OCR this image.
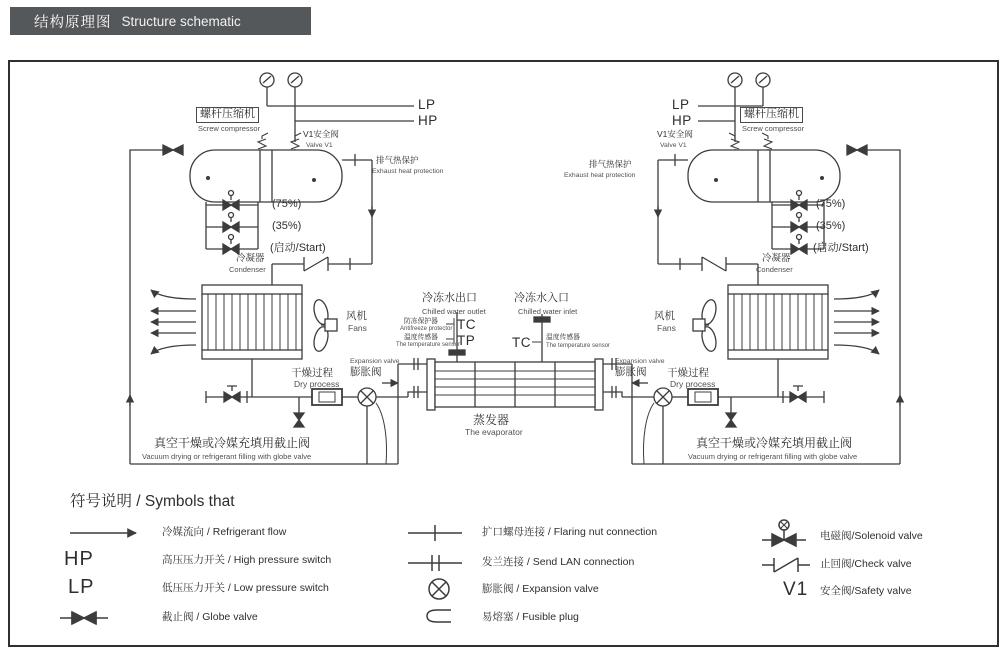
结构原理图 Structure schematic
螺杆压缩机
Screw compressor
LP
HP
V1安全阀
Valve V1
排气热保护
Exhaust heat protection
(75%)
(35%)
(启动/Start)
冷凝器
Condenser
风机
Fans
干燥过程
Dry process
Expansion valve
膨胀阀
真空干燥或冷媒充填用截止阀
Vacuum drying or refrigerant filling with globe valve
LP
HP	螺杆压缩机
Screw compressor
V1安全阀
Valve V1
排气热保护
Exhaust heat protection
(75%)
(35%)
(启动/Start)
冷凝器
Condenser
风机
Fans
Expansion valve
膨胀阀 干燥过程
Dry process
真空干燥或冷媒充填用截止阀
Vacuum drying or refrigerant filling with globe valve
冷冻水出口
Chilled water outlet
冷冻水入口
Chilled water inlet
防冻保护器
Antifreeze protector
温度传感器
The temperature sensor
TC
TP	TC 温度传感器
The temperature sensor
蒸发器
The evaporator
符号说明 / Symbols that
冷媒流向 / Refrigerant flow
HP	高压压力开关 / High pressure switch
LP	低压压力开关 / Low pressure switch
截止阀 / Globe valve
扩口螺母连接 / Flaring nut connection
发兰连接 / Send LAN connection
膨胀阀 / Expansion valve
易熔塞 / Fusible plug
电磁阀/Solenoid valve
止回阀/Check valve
V1 安全阀/Safety valve
